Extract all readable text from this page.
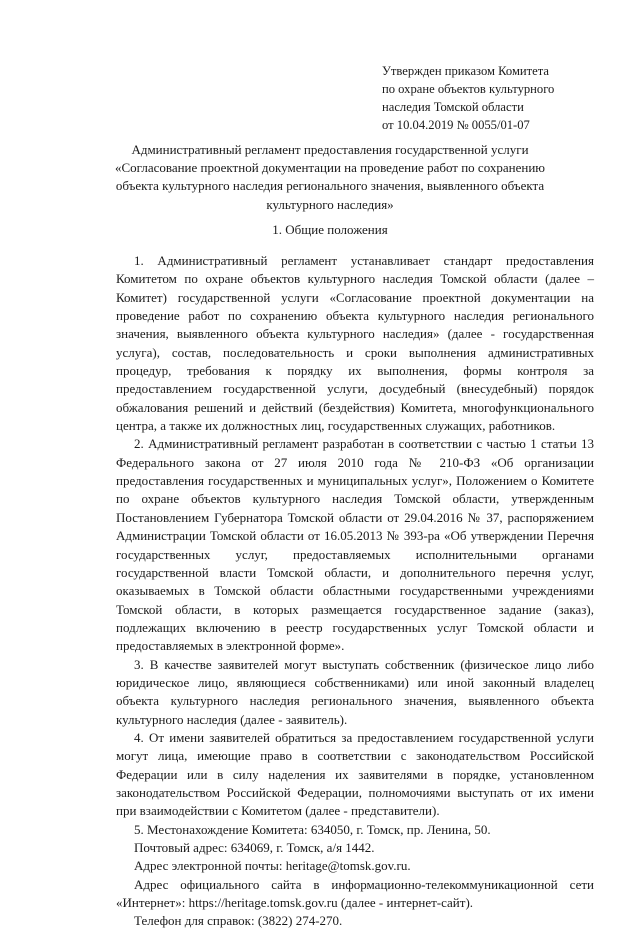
Утвержден приказом Комитета
по охране объектов культурного
наследия Томской области
от 10.04.2019 № 0055/01-07
Административный регламент предоставления государственной услуги
«Согласование проектной документации на проведение работ по сохранению
объекта культурного наследия регионального значения, выявленного объекта
культурного наследия»
1. Общие положения

1. Административный регламент устанавливает стандарт предоставления Комитетом по охране объектов культурного наследия Томской области (далее – Комитет) государственной услуги «Согласование проектной документации на проведение работ по сохранению объекта культурного наследия регионального значения, выявленного объекта культурного наследия» (далее - государственная услуга), состав, последовательность и сроки выполнения административных процедур, требования к порядку их выполнения, формы контроля за предоставлением государственной услуги, досудебный (внесудебный) порядок обжалования решений и действий (бездействия) Комитета, многофункционального центра, а также их должностных лиц, государственных служащих, работников.

2. Административный регламент разработан в соответствии с частью 1 статьи 13 Федерального закона от 27 июля 2010 года № 210-ФЗ «Об организации предоставления государственных и муниципальных услуг», Положением о Комитете по охране объектов культурного наследия Томской области, утвержденным Постановлением Губернатора Томской области от 29.04.2016 № 37, распоряжением Администрации Томской области от 16.05.2013 № 393-ра «Об утверждении Перечня государственных услуг, предоставляемых исполнительными органами государственной власти Томской области, и дополнительного перечня услуг, оказываемых в Томской области областными государственными учреждениями Томской области, в которых размещается государственное задание (заказ), подлежащих включению в реестр государственных услуг Томской области и предоставляемых в электронной форме».

3. В качестве заявителей могут выступать собственник (физическое лицо либо юридическое лицо, являющиеся собственниками) или иной законный владелец объекта культурного наследия регионального значения, выявленного объекта культурного наследия (далее - заявитель).

4. От имени заявителей обратиться за предоставлением государственной услуги могут лица, имеющие право в соответствии с законодательством Российской Федерации или в силу наделения их заявителями в порядке, установленном законодательством Российской Федерации, полномочиями выступать от их имени при взаимодействии с Комитетом (далее - представители).

5. Местонахождение Комитета: 634050, г. Томск, пр. Ленина, 50.

Почтовый адрес: 634069, г. Томск, а/я 1442.

Адрес электронной почты: heritage@tomsk.gov.ru.

Адрес официального сайта в информационно-телекоммуникационной сети «Интернет»: https://heritage.tomsk.gov.ru (далее - интернет-сайт).

Телефон для справок: (3822) 274-270.
